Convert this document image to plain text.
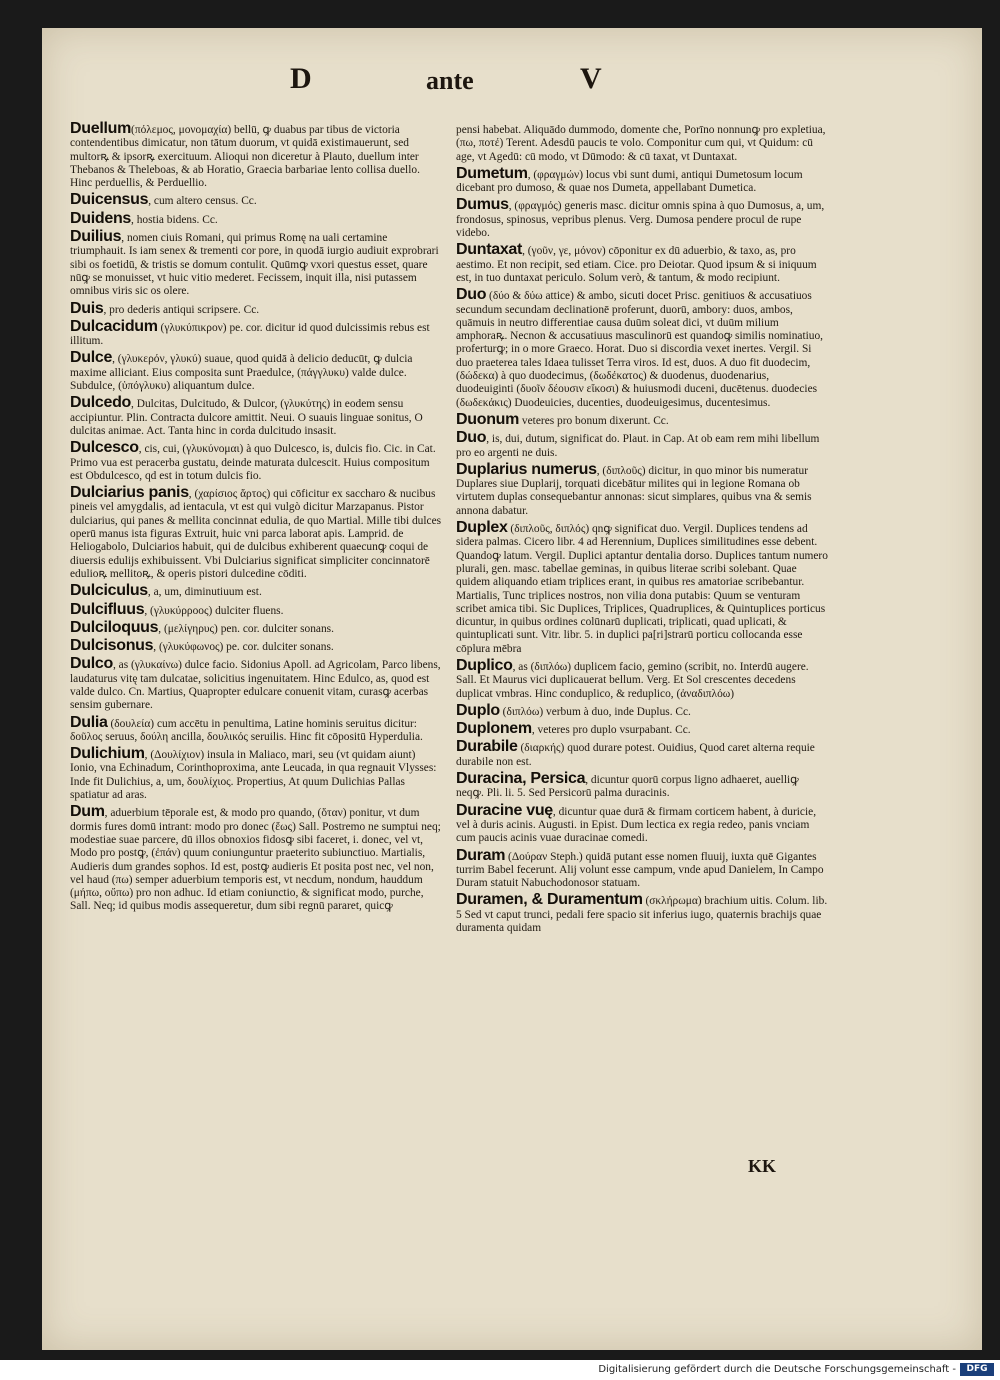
D	ante	V

Duellum(πόλεμος, μονομαχία) bellū, ꝙ duabus par tibus de victoria contendentibus dimicatur, non tātum duorum, vt quidā existimauerunt, sed multorꝶ & ipsorꝶ exercituum. Alioqui non diceretur à Plauto, duellum inter Thebanos & Theleboas, & ab Horatio, Graecia barbariae lento collisa duello. Hinc perduellis, & Perduellio.

Duicensus, cum altero census. Cc.

Duidens, hostia bidens. Cc.

Duilius, nomen ciuis Romani, qui primus Romę na uali certamine triumphauit. Is iam senex & trementi cor pore, in quodā iurgio audiuit exprobrari sibi os foetidū, & tristis se domum contulit. Quūmꝙ vxori questus esset, quare nūꝙ se monuisset, vt huic vitio mederet. Fecissem, inquit illa, nisi putassem omnibus viris sic os olere.

Duis, pro dederis antiqui scripsere. Cc.

Dulcacidum (γλυκύπικρον) pe. cor. dicitur id quod dulcissimis rebus est illitum.

Dulce, (γλυκερόν, γλυκύ) suaue, quod quidā à delicio deducūt, ꝙ dulcia maxime alliciant. Eius composita sunt Praedulce, (πάγγλυκυ) valde dulce. Subdulce, (ὑπόγλυκυ) aliquantum dulce.

Dulcedo, Dulcitas, Dulcitudo, & Dulcor, (γλυκύτης) in eodem sensu accipiuntur. Plin. Contracta dulcore amittit. Neui. O suauis linguae sonitus, O dulcitas animae. Act. Tanta hinc in corda dulcitudo insasit.

Dulcesco, cis, cui, (γλυκύνομαι) à quo Dulcesco, is, dulcis fio. Cic. in Cat. Primo vua est peracerba gustatu, deinde maturata dulcescit. Huius compositum est Obdulcesco, qd est in totum dulcis fio.

Dulciarius panis, (χαρίσιος ἄρτος) qui cōficitur ex saccharo & nucibus pineis vel amygdalis, ad ientacula, vt est qui vulgò dicitur Marzapanus. Pistor dulciarius, qui panes & mellita concinnat edulia, de quo Martial. Mille tibi dulces operū manus ista figuras Extruit, huic vni parca laborat apis. Lamprid. de Heliogabolo, Dulciarios habuit, qui de dulcibus exhiberent quaecunꝙ coqui de diuersis edulijs exhibuissent. Vbi Dulciarius significat simpliciter concinnatorē edulioꝶ mellitoꝶ, & operis pistori dulcedine cōditi.

Dulciculus, a, um, diminutiuum est.

Dulcifluus, (γλυκύρροος) dulciter fluens.

Dulciloquus, (μελίγηρυς) pen. cor. dulciter sonans.

Dulcisonus, (γλυκύφωνος) pe. cor. dulciter sonans.

Dulco, as (γλυκαίνω) dulce facio. Sidonius Apoll. ad Agricolam, Parco libens, laudaturus vitę tam dulcatae, solicitius ingenuitatem. Hinc Edulco, as, quod est valde dulco. Cn. Martius, Quapropter edulcare conuenit vitam, curasꝙ acerbas sensim gubernare.

Dulia (δουλεία) cum accētu in penultima, Latine hominis seruitus dicitur: δοῦλος seruus, δούλη ancilla, δουλικός seruilis. Hinc fit cōpositū Hyperdulia.

Dulichium, (Δουλίχιον) insula in Maliaco, mari, seu (vt quidam aiunt) Ionio, vna Echinadum, Corinthoproxima, ante Leucada, in qua regnauit Vlysses: Inde fit Dulichius, a, um, δουλίχιος. Propertius, At quum Dulichias Pallas spatiatur ad aras.

Dum, aduerbium tēporale est, & modo pro quando, (ὅταν) ponitur, vt dum dormis fures domū intrant: modo pro donec (ἕως) Sall. Postremo ne sumptui neq; modestiae suae parcere, dū illos obnoxios fidosꝙ sibi faceret, i. donec, vel vt, Modo pro postꝙ, (ἐπάν) quum coniunguntur praeterito subiunctiuo. Martialis, Audieris dum grandes sophos. Id est, postꝙ audieris Et posita post nec, vel non, vel haud (πω) semper aduerbium temporis est, vt necdum, nondum, hauddum (μήπω, οὔπω) pro non adhuc. Id etiam coniunctio, & significat modo, purche, Sall. Neq; id quibus modis assequeretur, dum sibi regnū pararet, quicꝙ

pensi habebat. Aliquādo dummodo, domente che, Porīno nonnunꝙ pro expletiua, (πω, ποτέ) Terent. Adesdū paucis te volo. Componitur cum qui, vt Quidum: cū age, vt Agedū: cū modo, vt Dūmodo: & cū taxat, vt Duntaxat.

Dumetum, (φραγμών) locus vbi sunt dumi, antiqui Dumetosum locum dicebant pro dumoso, & quae nos Dumeta, appellabant Dumetica.

Dumus, (φραγμός) generis masc. dicitur omnis spina à quo Dumosus, a, um, frondosus, spinosus, vepribus plenus. Verg. Dumosa pendere procul de rupe videbo.

Duntaxat, (γοῦν, γε, μόνον) cōponitur ex dū aduerbio, & taxo, as, pro aestimo. Et non recipit, sed etiam. Cice. pro Deiotar. Quod ipsum & si iniquum est, in tuo duntaxat periculo. Solum verò, & tantum, & modo recipiunt.

Duo (δύο & δύω attice) & ambo, sicuti docet Prisc. genitiuos & accusatiuos secundum secundam declinationē proferunt, duorū, ambory: duos, ambos, quāmuis in neutro differentiae causa duūm soleat dici, vt duūm milium amphoraꝶ. Necnon & accusatiuus masculinorū est quandoꝙ similis nominatiuo, proferturꝙ; in o more Graeco. Horat. Duo si discordia vexet inertes. Vergil. Si duo praeterea tales Idaea tulisset Terra viros. Id est, duos. A duo fit duodecim, (δώδεκα) à quo duodecimus, (δωδέκατος) & duodenus, duodenarius, duodeuiginti (δυοῖν δέουσιν εἴκοσι) & huiusmodi duceni, ducētenus. duodecies (δωδεκάκις) Duodeuicies, ducenties, duodeuigesimus, ducentesimus.

Duonum veteres pro bonum dixerunt. Cc.

Duo, is, dui, dutum, significat do. Plaut. in Cap. At ob eam rem mihi libellum pro eo argenti ne duis.

Duplarius numerus, (διπλοῦς) dicitur, in quo minor bis numeratur Duplares siue Duplarij, torquati dicebātur milites qui in legione Romana ob virtutem duplas consequebantur annonas: sicut simplares, quibus vna & semis annona dabatur.

Duplex (διπλοῦς, διπλός) qnꝙ significat duo. Vergil. Duplices tendens ad sidera palmas. Cicero libr. 4 ad Herennium, Duplices similitudines esse debent. Quandoꝙ latum. Vergil. Duplici aptantur dentalia dorso. Duplices tantum numero plurali, gen. masc. tabellae geminas, in quibus literae scribi solebant. Quae quidem aliquando etiam triplices erant, in quibus res amatoriae scribebantur. Martialis, Tunc triplices nostros, non vilia dona putabis: Quum se venturam scribet amica tibi. Sic Duplices, Triplices, Quadruplices, & Quintuplices porticus dicuntur, in quibus ordines colūnarū duplicati, triplicati, quad uplicati, & quintuplicati sunt. Vitr. libr. 5. in duplici pa[ri]strarū porticu collocanda esse cōplura mēbra

Duplico, as (διπλόω) duplicem facio, gemino (scribit, no. Interdū augere. Sall. Et Maurus vici duplicauerat bellum. Verg. Et Sol crescentes decedens duplicat vmbras. Hinc conduplico, & reduplico, (ἀναδιπλόω)

Duplo (διπλόω) verbum à duo, inde Duplus. Cc.

Duplonem, veteres pro duplo vsurpabant. Cc.

Durabile (διαρκής) quod durare potest. Ouidius, Quod caret alterna requie durabile non est.

Duracina, Persica, dicuntur quorū corpus ligno adhaeret, auelliꝙ neqꝙ. Pli. li. 5. Sed Persicorū palma duracinis.

Duracine vuę, dicuntur quae durā & firmam corticem habent, à duricie, vel à duris acinis. Augusti. in Epist. Dum lectica ex regia redeo, panis vnciam cum paucis acinis vuae duracinae comedi.

Duram (Δούραν Steph.) quidā putant esse nomen fluuij, iuxta quē Gigantes turrim Babel fecerunt. Alij volunt esse campum, vnde apud Danielem, In Campo Duram statuit Nabuchodonosor statuam.

Duramen, & Duramentum (σκλήρωμα) brachium uitis. Colum. lib. 5 Sed vt caput trunci, pedali fere spacio sit inferius iugo, quaternis brachijs quae duramenta quidam

KK
Digitalisierung gefördert durch die Deutsche Forschungsgemeinschaft -	DFG
